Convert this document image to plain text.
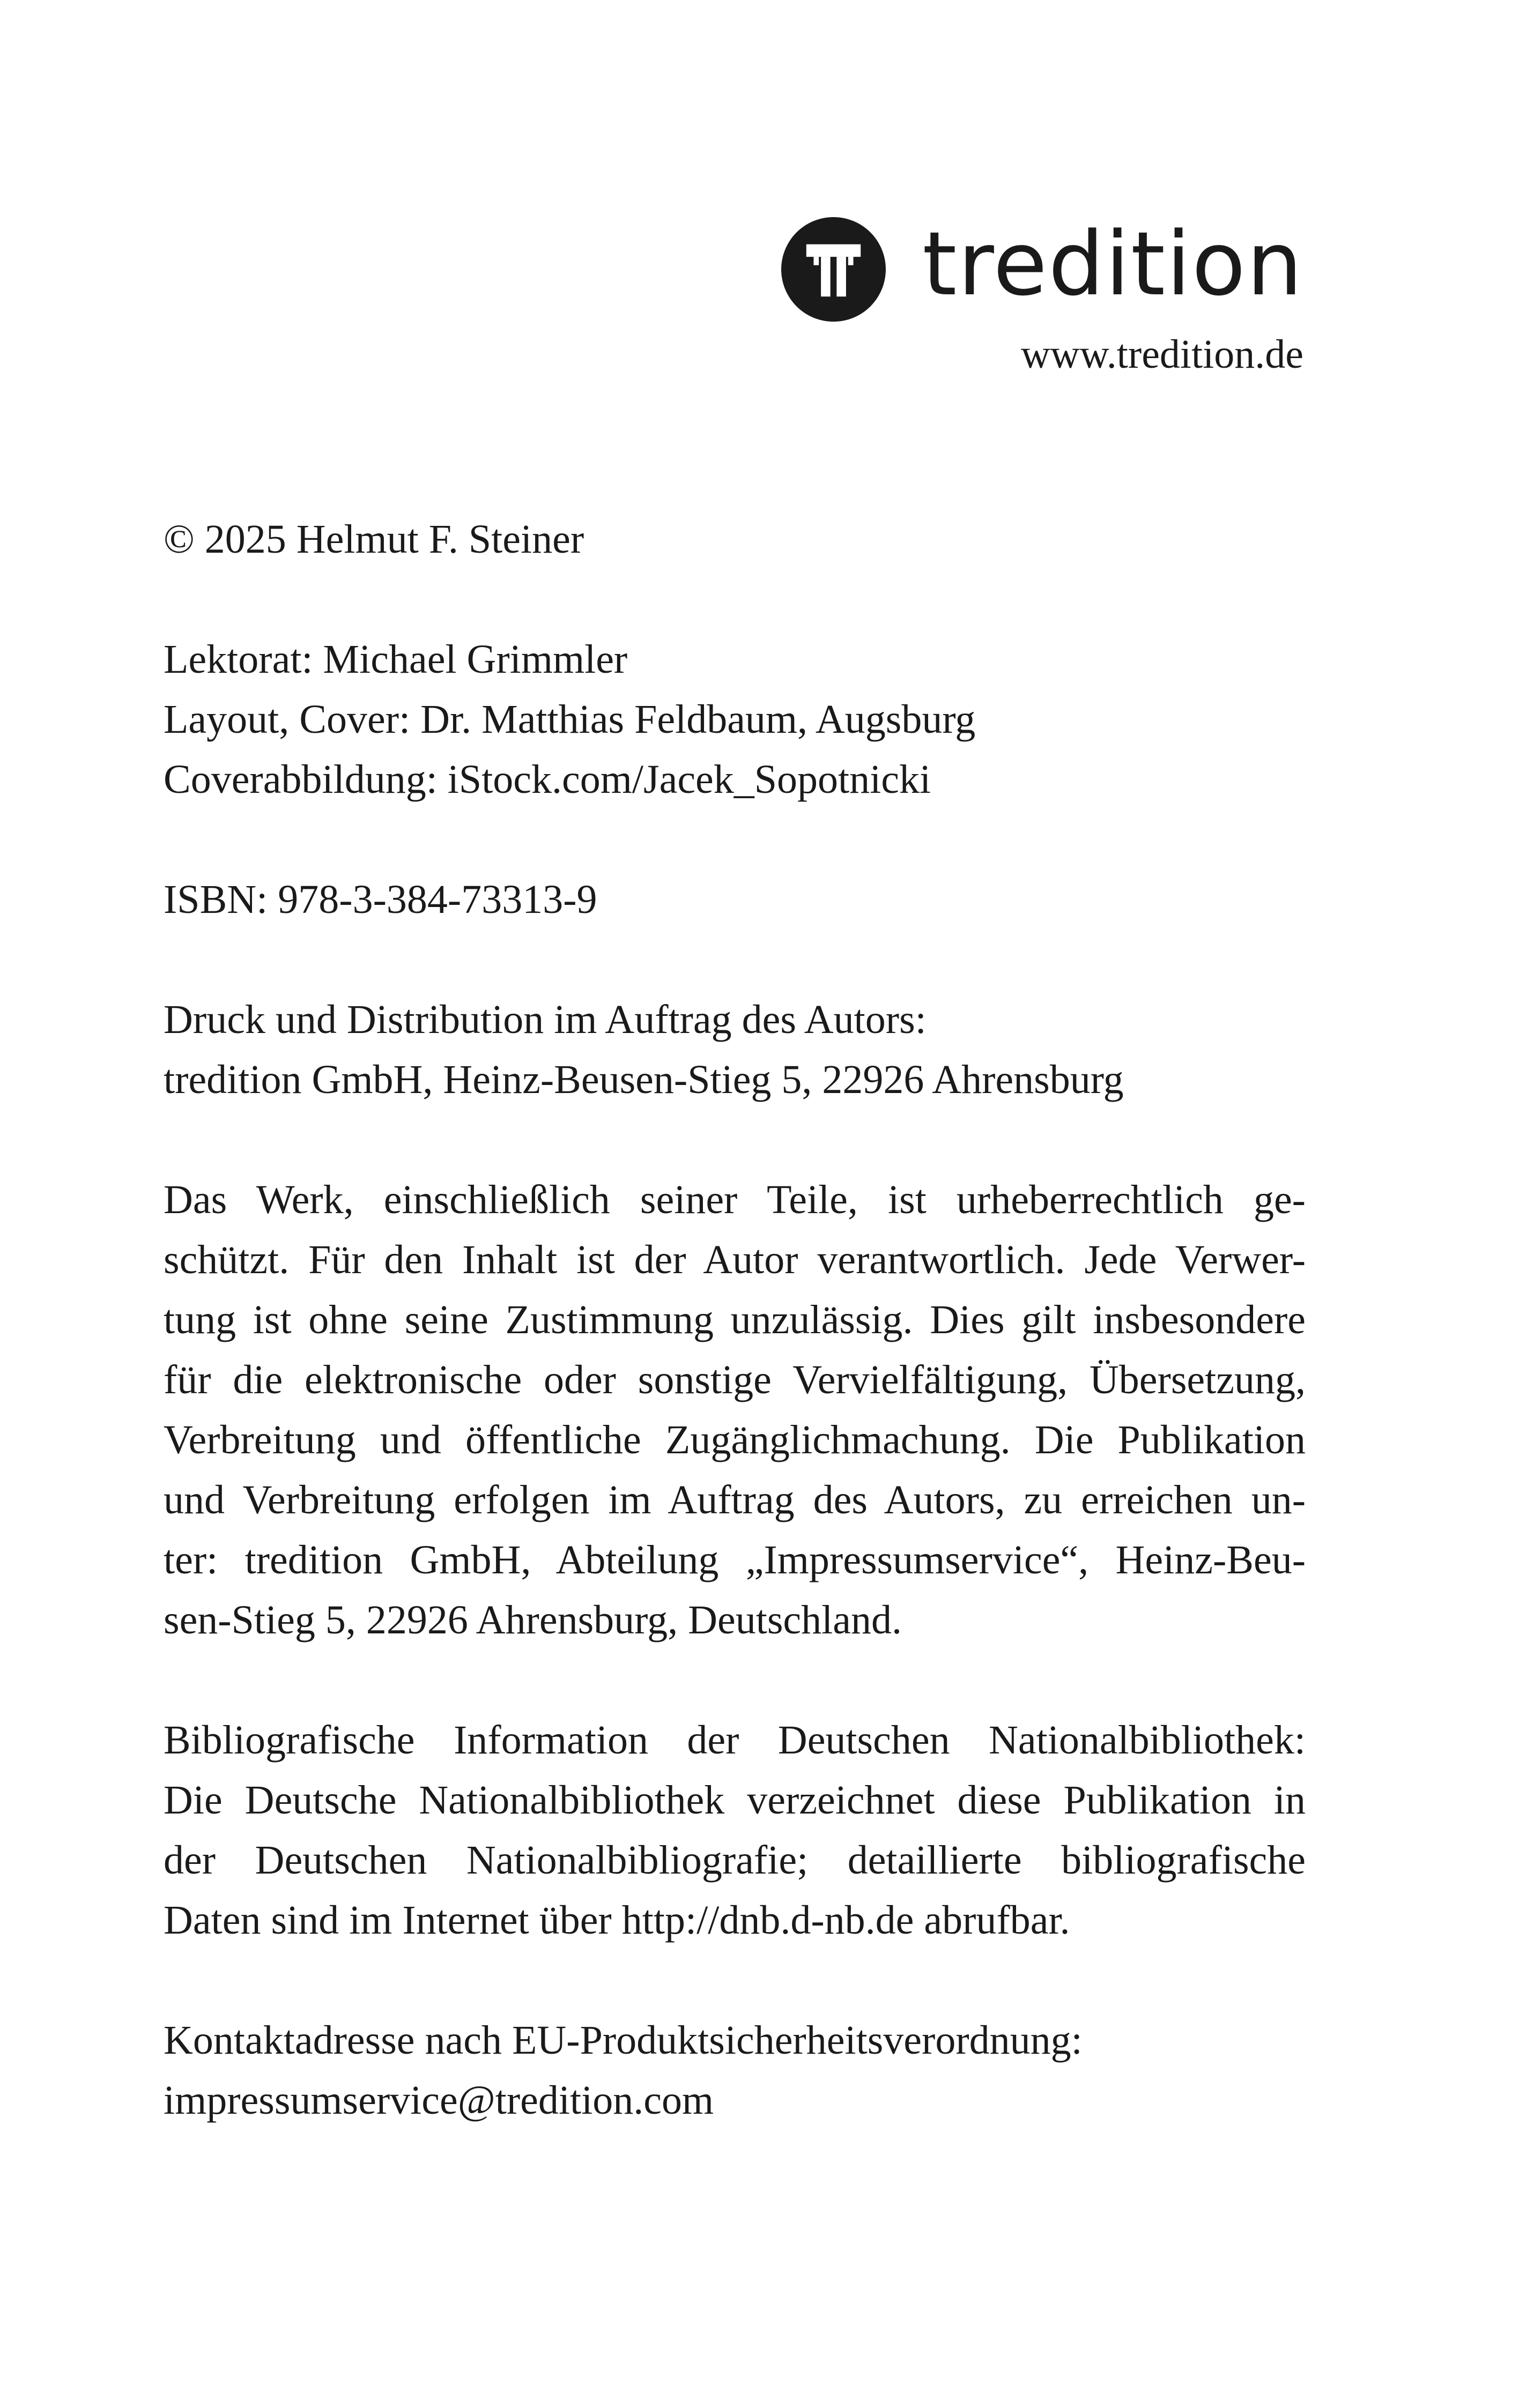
tredition
www.tredition.de
© 2025 Helmut F. Steiner
Lektorat: Michael Grimmler
Layout, Cover: Dr. Matthias Feldbaum, Augsburg
Coverabbildung: iStock.com/Jacek_Sopotnicki
ISBN: 978-3-384-73313-9
Druck und Distribution im Auftrag des Autors:
tredition GmbH, Heinz-Beusen-Stieg 5, 22926 Ahrensburg
Das Werk, einschließlich seiner Teile, ist urheberrechtlich ge-
schützt. Für den Inhalt ist der Autor verantwortlich. Jede Verwer-
tung ist ohne seine Zustimmung unzulässig. Dies gilt insbesondere
für die elektronische oder sonstige Vervielfältigung, Übersetzung,
Verbreitung und öffentliche Zugänglichmachung. Die Publikation
und Verbreitung erfolgen im Auftrag des Autors, zu erreichen un-
ter: tredition GmbH, Abteilung „Impressumservice“, Heinz-Beu-
sen-Stieg 5, 22926 Ahrensburg, Deutschland.
Bibliografische Information der Deutschen Nationalbibliothek:
Die Deutsche Nationalbibliothek verzeichnet diese Publikation in
der Deutschen Nationalbibliografie; detaillierte bibliografische
Daten sind im Internet über http://dnb.d-nb.de abrufbar.
Kontaktadresse nach EU-Produktsicherheitsverordnung:
impressumservice@tredition.com
